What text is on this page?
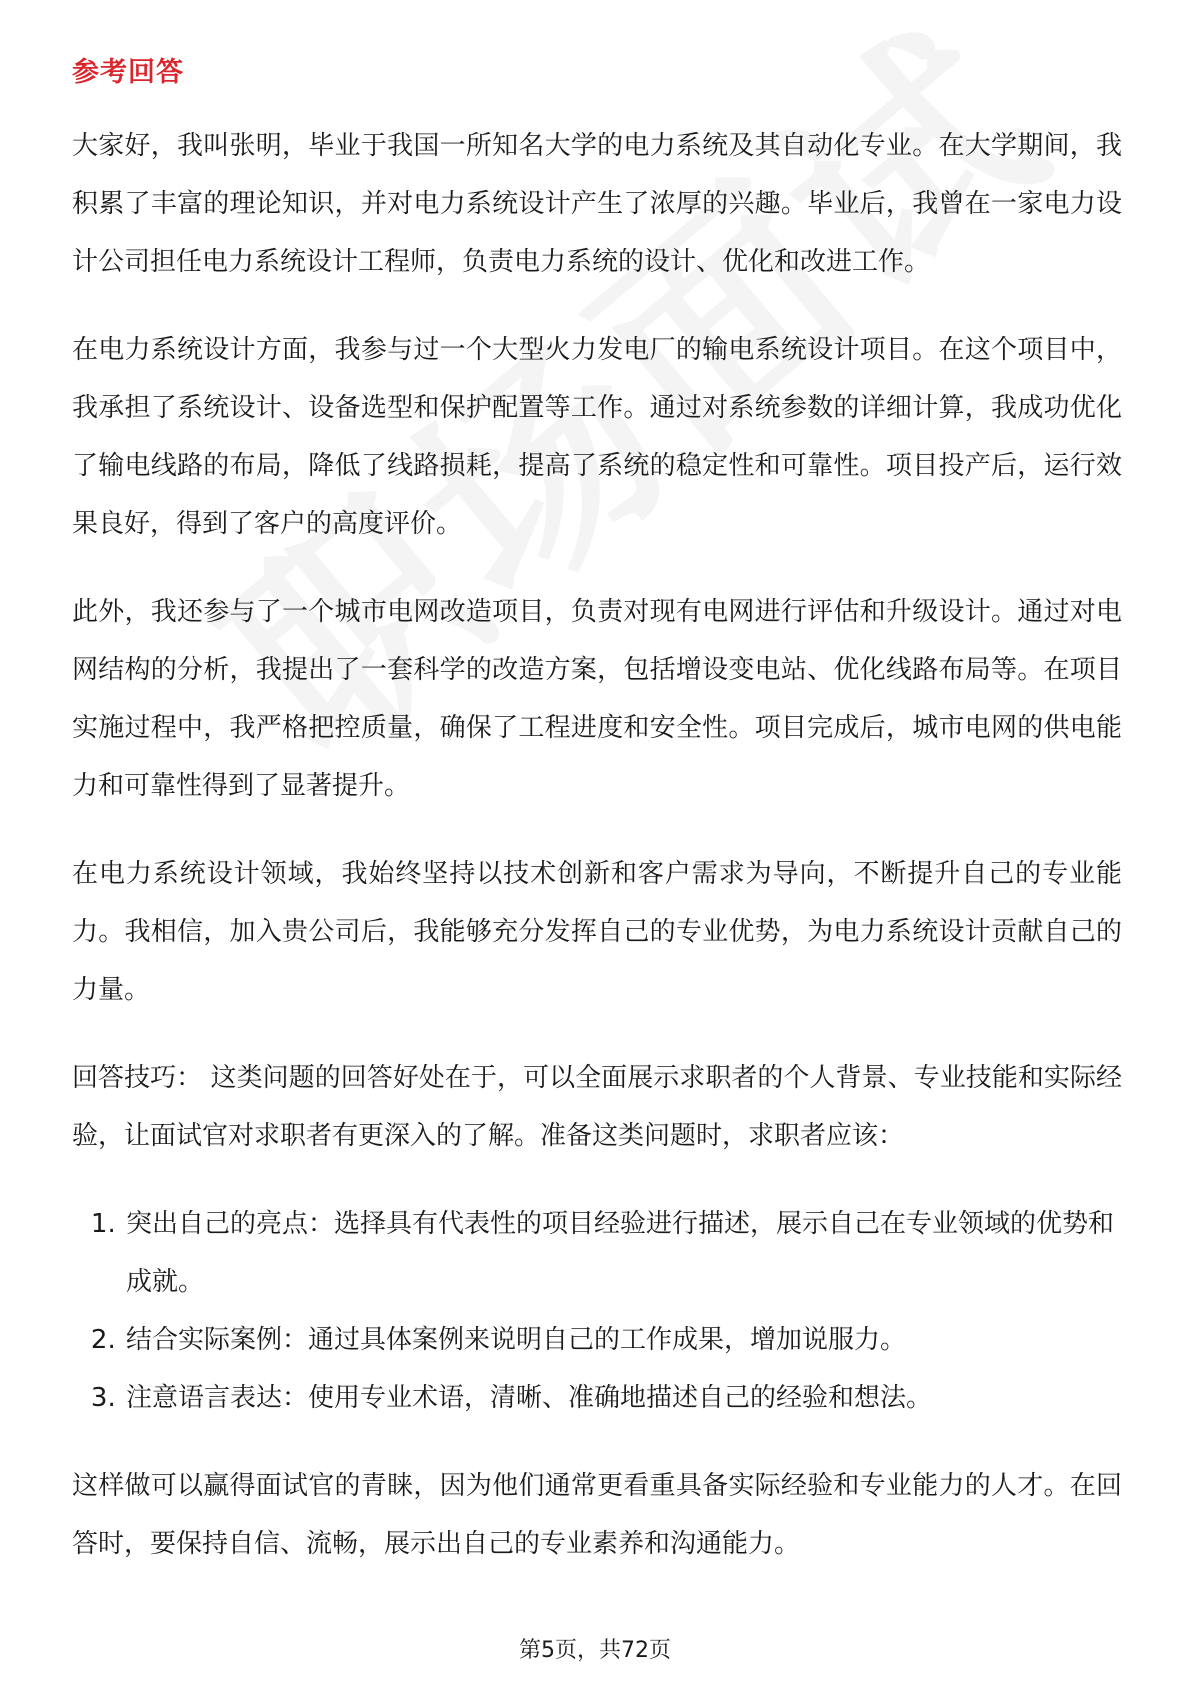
参考回答

大家好，我叫张明，毕业于我国一所知名大学的电力系统及其自动化专业。在大学期间，我积累了丰富的理论知识，并对电力系统设计产生了浓厚的兴趣。毕业后，我曾在一家电力设计公司担任电力系统设计工程师，负责电力系统的设计、优化和改进工作。

在电力系统设计方面，我参与过一个大型火力发电厂的输电系统设计项目。在这个项目中，我承担了系统设计、设备选型和保护配置等工作。通过对系统参数的详细计算，我成功优化了输电线路的布局，降低了线路损耗，提高了系统的稳定性和可靠性。项目投产后，运行效果良好，得到了客户的高度评价。

此外，我还参与了一个城市电网改造项目，负责对现有电网进行评估和升级设计。通过对电网结构的分析，我提出了一套科学的改造方案，包括增设变电站、优化线路布局等。在项目实施过程中，我严格把控质量，确保了工程进度和安全性。项目完成后，城市电网的供电能力和可靠性得到了显著提升。

在电力系统设计领域，我始终坚持以技术创新和客户需求为导向，不断提升自己的专业能力。我相信，加入贵公司后，我能够充分发挥自己的专业优势，为电力系统设计贡献自己的力量。

回答技巧： 这类问题的回答好处在于，可以全面展示求职者的个人背景、专业技能和实际经验，让面试官对求职者有更深入的了解。准备这类问题时，求职者应该：

1. 突出自己的亮点：选择具有代表性的项目经验进行描述，展示自己在专业领域的优势和成就。
2. 结合实际案例：通过具体案例来说明自己的工作成果，增加说服力。
3. 注意语言表达：使用专业术语，清晰、准确地描述自己的经验和想法。

这样做可以赢得面试官的青睐，因为他们通常更看重具备实际经验和专业能力的人才。在回答时，要保持自信、流畅，展示出自己的专业素养和沟通能力。

第5页，共72页
